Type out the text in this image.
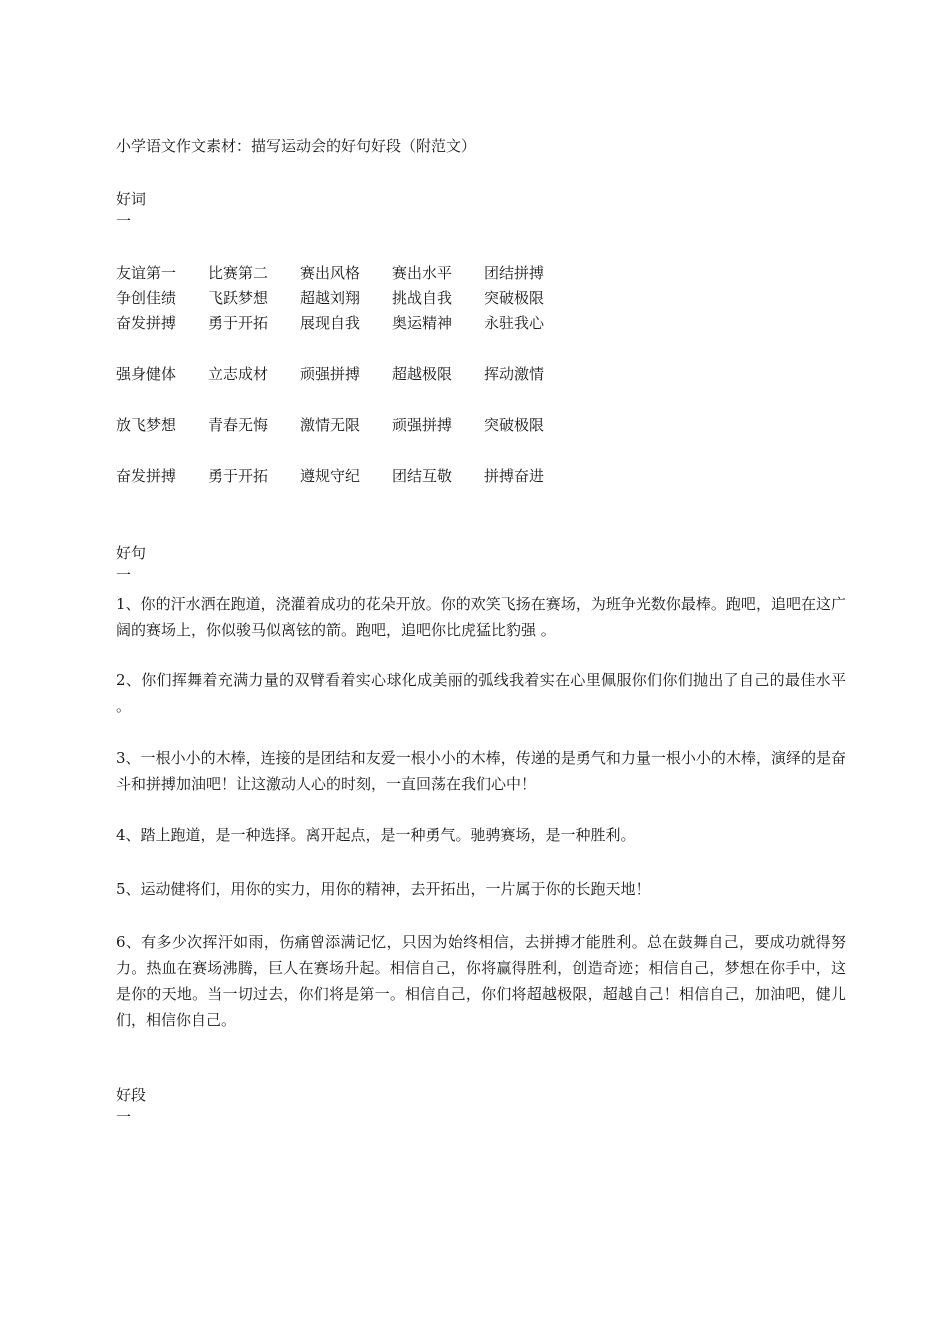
小学语文作文素材：描写运动会的好句好段（附范文）
好词
一
友谊第一 比赛第二 赛出风格 赛出水平 团结拼搏
争创佳绩 飞跃梦想 超越刘翔 挑战自我 突破极限
奋发拼搏 勇于开拓 展现自我 奥运精神 永驻我心
强身健体 立志成材 顽强拼搏 超越极限 挥动激情
放飞梦想 青春无悔 激情无限 顽强拼搏 突破极限
奋发拼搏 勇于开拓 遵规守纪 团结互敬 拼搏奋进
好句
一
1、你的汗水洒在跑道，浇灌着成功的花朵开放。你的欢笑飞扬在赛场，为班争光数你最棒。跑吧，追吧在这广阔的赛场上，你似骏马似离铉的箭。跑吧，追吧你比虎猛比豹强 。
2、你们挥舞着充满力量的双臂看着实心球化成美丽的弧线我着实在心里佩服你们你们抛出了自己的最佳水平 。
3、一根小小的木棒，连接的是团结和友爱一根小小的木棒，传递的是勇气和力量一根小小的木棒，演绎的是奋斗和拼搏加油吧！让这激动人心的时刻，一直回荡在我们心中！
4、踏上跑道，是一种选择。离开起点，是一种勇气。驰骋赛场，是一种胜利。
5、运动健将们，用你的实力，用你的精神，去开拓出，一片属于你的长跑天地！
6、有多少次挥汗如雨，伤痛曾添满记忆，只因为始终相信，去拼搏才能胜利。总在鼓舞自己，要成功就得努力。热血在赛场沸腾，巨人在赛场升起。相信自己，你将赢得胜利，创造奇迹；相信自己，梦想在你手中，这是你的天地。当一切过去，你们将是第一。相信自己，你们将超越极限，超越自己！相信自己，加油吧，健儿们，相信你自己。
好段
一
